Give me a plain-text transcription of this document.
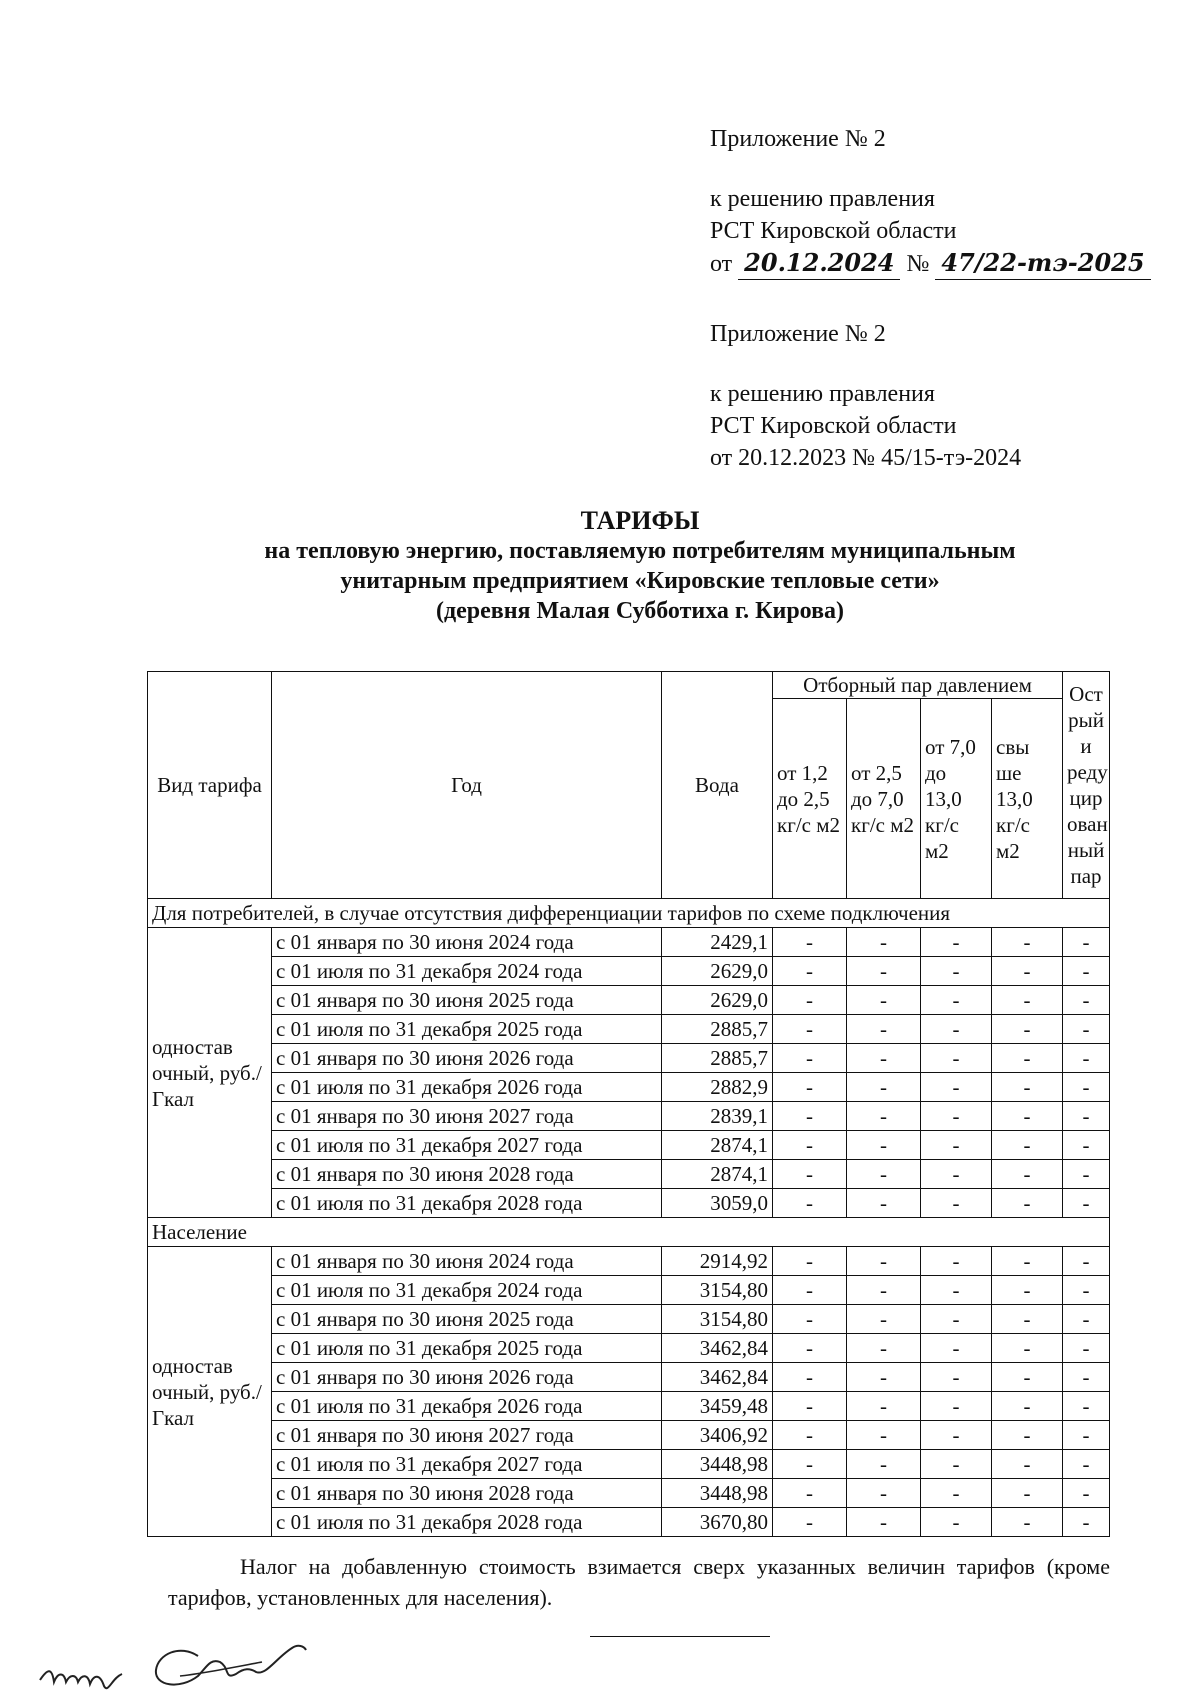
Приложение № 2

к решению правления

РСТ Кировской области

от 20.12.2024 № 47/22-тэ-2025

Приложение № 2

к решению правления

РСТ Кировской области

от 20.12.2023 № 45/15-тэ-2024

ТАРИФЫ

на тепловую энергию, поставляемую потребителям муниципальным

унитарным предприятием «Кировские тепловые сети»

(деревня Малая Субботиха г. Кирова)

Вид тарифа	Год	Вода	Отборный пар давлением				Ост рый и реду цир ован ный пар
			от 1,2 до 2,5 кг/с м2	от 2,5 до 7,0 кг/с м2	от 7,0 до 13,0 кг/с м2	свы ше 13,0 кг/с м2	
Для потребителей, в случае отсутствия дифференциации тарифов по схеме подключения							
одностав очный, руб./Гкал	с 01 января по 30 июня 2024 года	2429,1	-	-	-	-	-
	с 01 июля по 31 декабря 2024 года	2629,0	-	-	-	-	-
	с 01 января по 30 июня 2025 года	2629,0	-	-	-	-	-
	с 01 июля по 31 декабря 2025 года	2885,7	-	-	-	-	-
	с 01 января по 30 июня 2026 года	2885,7	-	-	-	-	-
	с 01 июля по 31 декабря 2026 года	2882,9	-	-	-	-	-
	с 01 января по 30 июня 2027 года	2839,1	-	-	-	-	-
	с 01 июля по 31 декабря 2027 года	2874,1	-	-	-	-	-
	с 01 января по 30 июня 2028 года	2874,1	-	-	-	-	-
	с 01 июля по 31 декабря 2028 года	3059,0	-	-	-	-	-
Население							
одностав очный, руб./Гкал	с 01 января по 30 июня 2024 года	2914,92	-	-	-	-	-
	с 01 июля по 31 декабря 2024 года	3154,80	-	-	-	-	-
	с 01 января по 30 июня 2025 года	3154,80	-	-	-	-	-
	с 01 июля по 31 декабря 2025 года	3462,84	-	-	-	-	-
	с 01 января по 30 июня 2026 года	3462,84	-	-	-	-	-
	с 01 июля по 31 декабря 2026 года	3459,48	-	-	-	-	-
	с 01 января по 30 июня 2027 года	3406,92	-	-	-	-	-
	с 01 июля по 31 декабря 2027 года	3448,98	-	-	-	-	-
	с 01 января по 30 июня 2028 года	3448,98	-	-	-	-	-
	с 01 июля по 31 декабря 2028 года	3670,80	-	-	-	-	-
Налог на добавленную стоимость взимается сверх указанных величин тарифов (кроме тарифов, установленных для населения).
